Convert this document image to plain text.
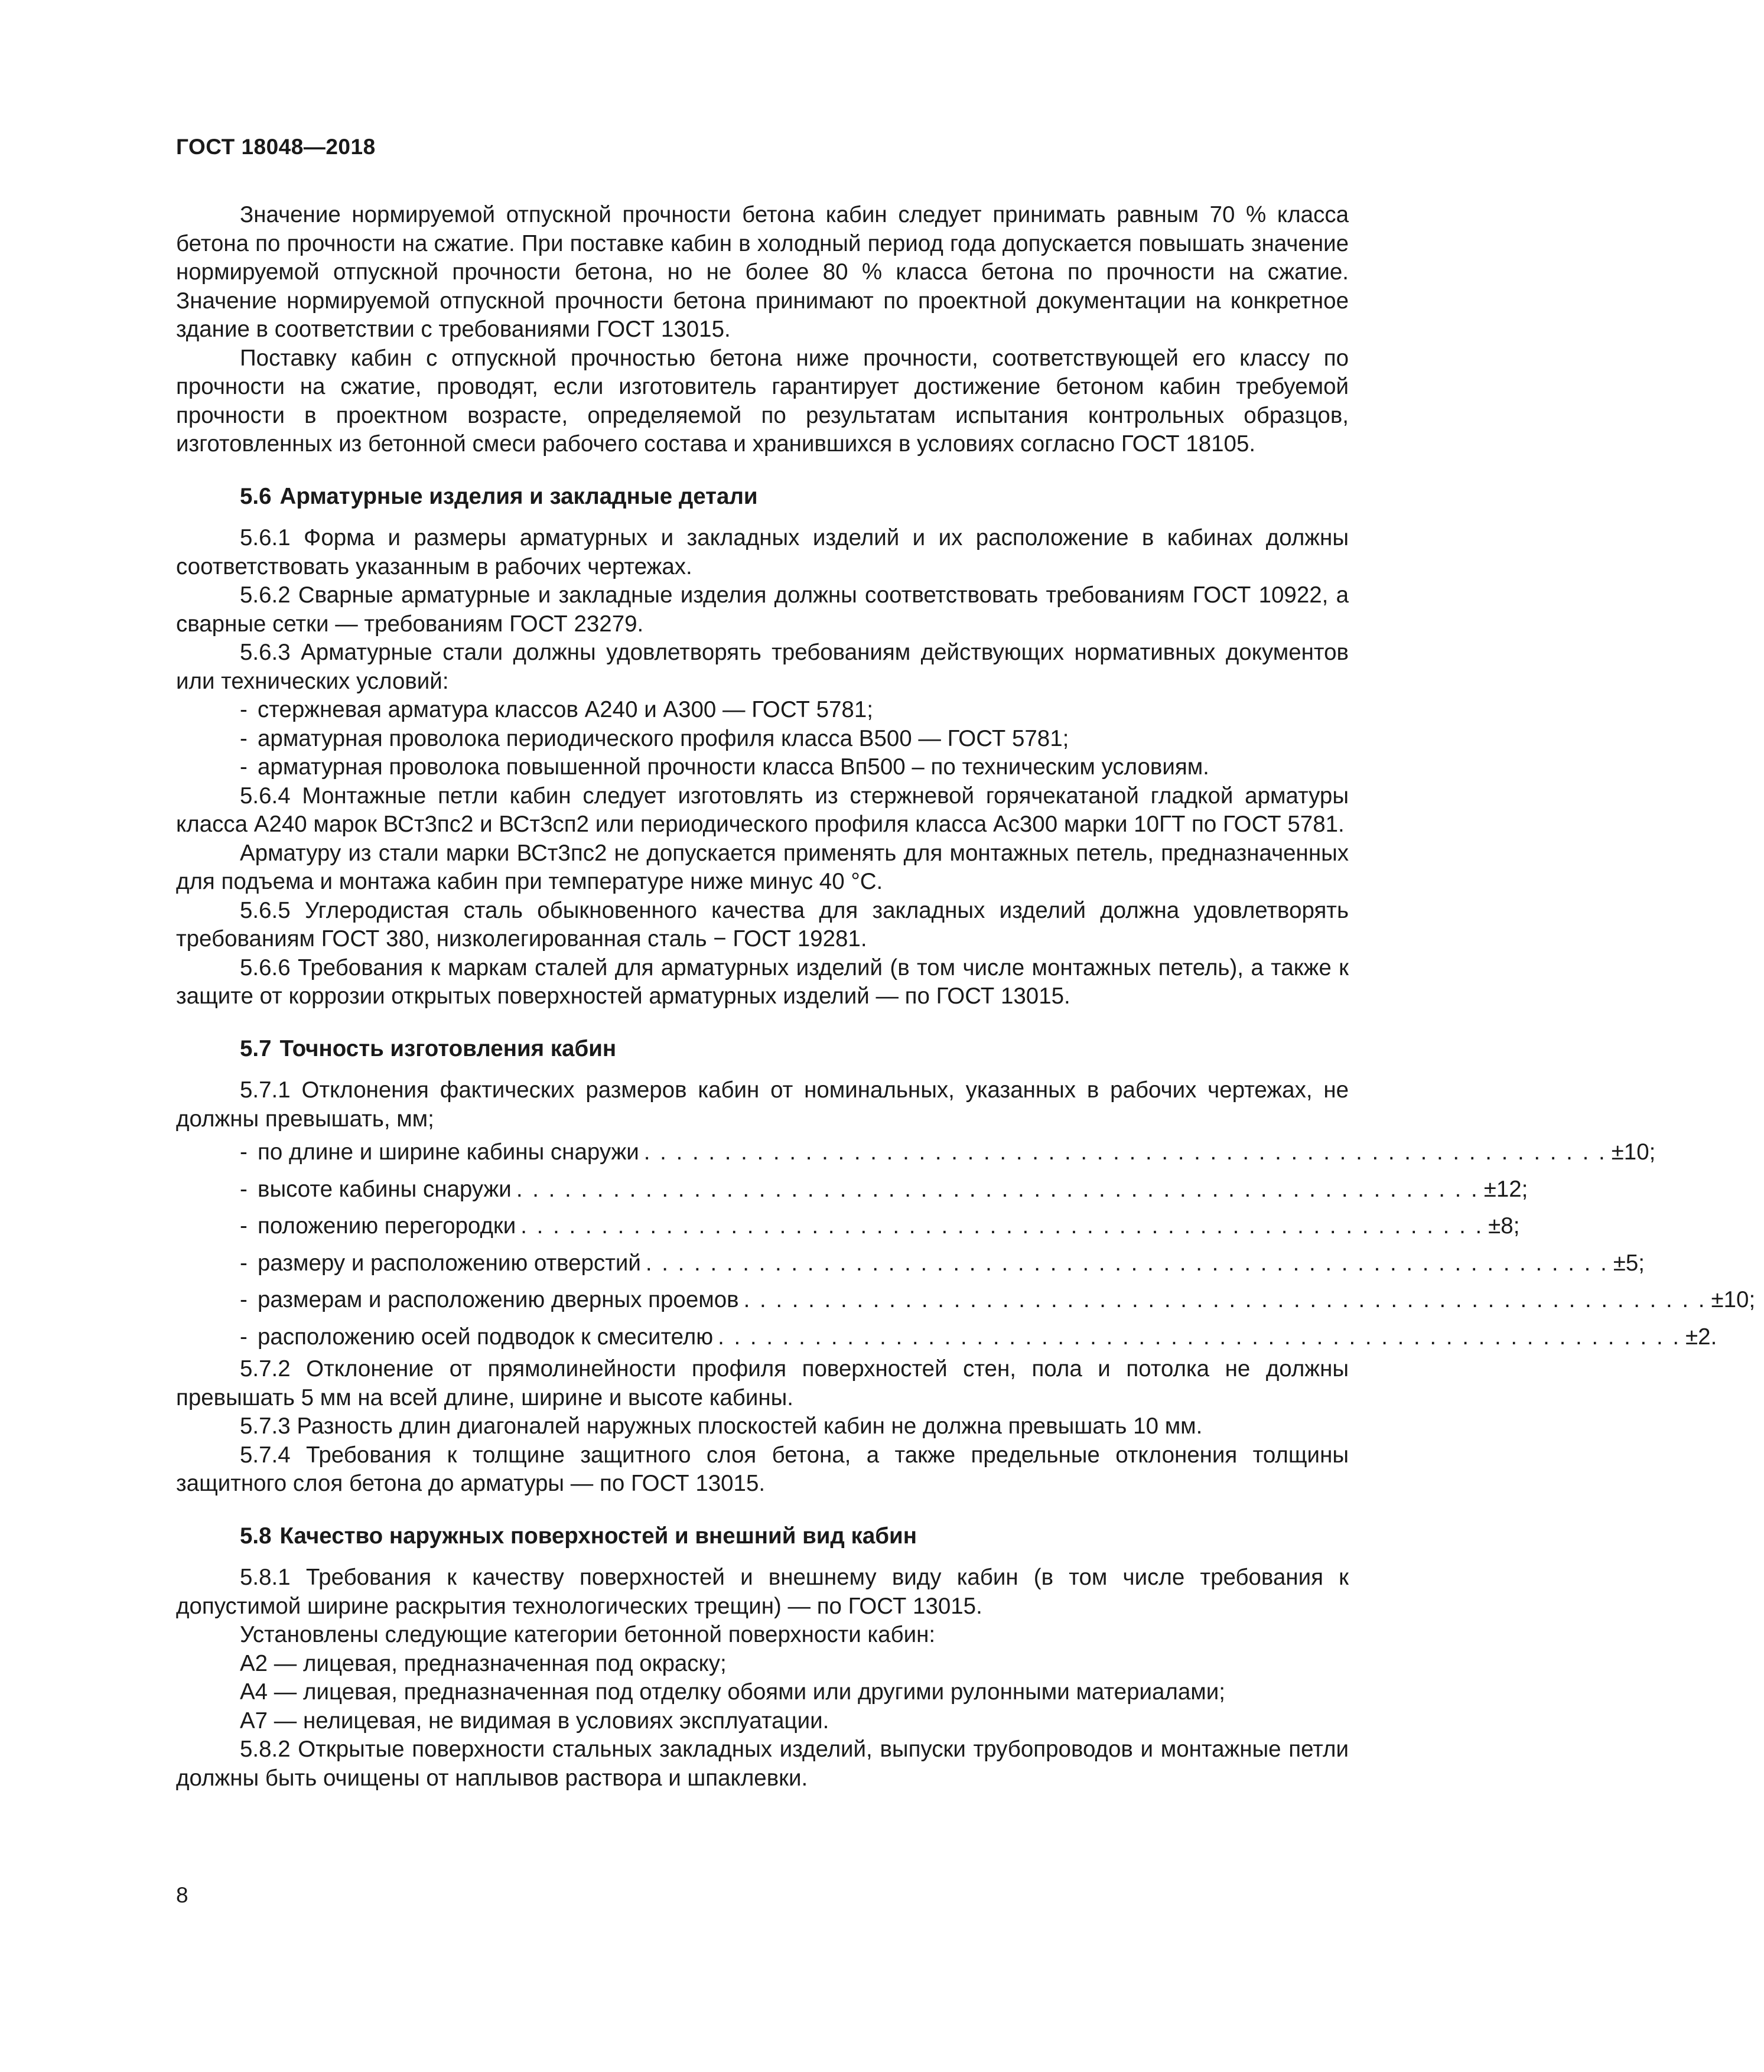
ГОСТ 18048—2018

Значение нормируемой отпускной прочности бетона кабин следует принимать равным 70 % класса бетона по прочности на сжатие. При поставке кабин в холодный период года допускается повышать значение нормируемой отпускной прочности бетона, но не более 80 % класса бетона по прочности на сжатие. Значение нормируемой отпускной прочности бетона принимают по проектной документации на конкретное здание в соответствии с требованиями ГОСТ 13015.

Поставку кабин с отпускной прочностью бетона ниже прочности, соответствующей его классу по прочности на сжатие, проводят, если изготовитель гарантирует достижение бетоном кабин требуемой прочности в проектном возрасте, определяемой по результатам испытания контрольных образцов, изготовленных из бетонной смеси рабочего состава и хранившихся в условиях согласно ГОСТ 18105.

5.6 Арматурные изделия и закладные детали

5.6.1 Форма и размеры арматурных и закладных изделий и их расположение в кабинах должны соответствовать указанным в рабочих чертежах.

5.6.2 Сварные арматурные и закладные изделия должны соответствовать требованиям ГОСТ 10922, а сварные сетки — требованиям ГОСТ 23279.

5.6.3 Арматурные стали должны удовлетворять требованиям действующих нормативных документов или технических условий:

- стержневая арматура классов А240 и А300 — ГОСТ 5781;
- арматурная проволока периодического профиля класса В500 — ГОСТ 5781;
- арматурная проволока повышенной прочности класса Вп500 – по техническим условиям.

5.6.4 Монтажные петли кабин следует изготовлять из стержневой горячекатаной гладкой арматуры класса А240 марок ВСт3пс2 и ВСт3сп2 или периодического профиля класса Ас300 марки 10ГТ по ГОСТ 5781.

Арматуру из стали марки ВСт3пс2 не допускается применять для монтажных петель, предназначенных для подъема и монтажа кабин при температуре ниже минус 40 °С.

5.6.5 Углеродистая сталь обыкновенного качества для закладных изделий должна удовлетворять требованиям ГОСТ 380, низколегированная сталь − ГОСТ 19281.

5.6.6 Требования к маркам сталей для арматурных изделий (в том числе монтажных петель), а также к защите от коррозии открытых поверхностей арматурных изделий — по ГОСТ 13015.

5.7 Точность изготовления кабин

5.7.1 Отклонения фактических размеров кабин от номинальных, указанных в рабочих чертежах, не должны превышать, мм;

- по длине и ширине кабины снаружи . . . . . . . . . . . . . . . . . . . . . . . . . . . . . . . . . . . . . . . . . . . . . . . . . . . . . . . . . . . . ±10;
- высоте кабины снаружи . . . . . . . . . . . . . . . . . . . . . . . . . . . . . . . . . . . . . . . . . . . . . . . . . . . . . . . . . . . . ±12;
- положению перегородки . . . . . . . . . . . . . . . . . . . . . . . . . . . . . . . . . . . . . . . . . . . . . . . . . . . . . . . . . . . . ±8;
- размеру и расположению отверстий . . . . . . . . . . . . . . . . . . . . . . . . . . . . . . . . . . . . . . . . . . . . . . . . . . . . . . . . . . . . ±5;
- размерам и расположению дверных проемов . . . . . . . . . . . . . . . . . . . . . . . . . . . . . . . . . . . . . . . . . . . . . . . . . . . . . . . . . . . . ±10;
- расположению осей подводок к смесителю . . . . . . . . . . . . . . . . . . . . . . . . . . . . . . . . . . . . . . . . . . . . . . . . . . . . . . . . . . . . ±2.

5.7.2 Отклонение от прямолинейности профиля поверхностей стен, пола и потолка не должны превышать 5 мм на всей длине, ширине и высоте кабины.

5.7.3 Разность длин диагоналей наружных плоскостей кабин не должна превышать 10 мм.

5.7.4 Требования к толщине защитного слоя бетона, а также предельные отклонения толщины защитного слоя бетона до арматуры — по ГОСТ 13015.

5.8 Качество наружных поверхностей и внешний вид кабин

5.8.1 Требования к качеству поверхностей и внешнему виду кабин (в том числе требования к допустимой ширине раскрытия технологических трещин) — по ГОСТ 13015.

Установлены следующие категории бетонной поверхности кабин:

А2 — лицевая, предназначенная под окраску;

А4 — лицевая, предназначенная под отделку обоями или другими рулонными материалами;

А7 — нелицевая, не видимая в условиях эксплуатации.

5.8.2 Открытые поверхности стальных закладных изделий, выпуски трубопроводов и монтажные петли должны быть очищены от наплывов раствора и шпаклевки.

8
